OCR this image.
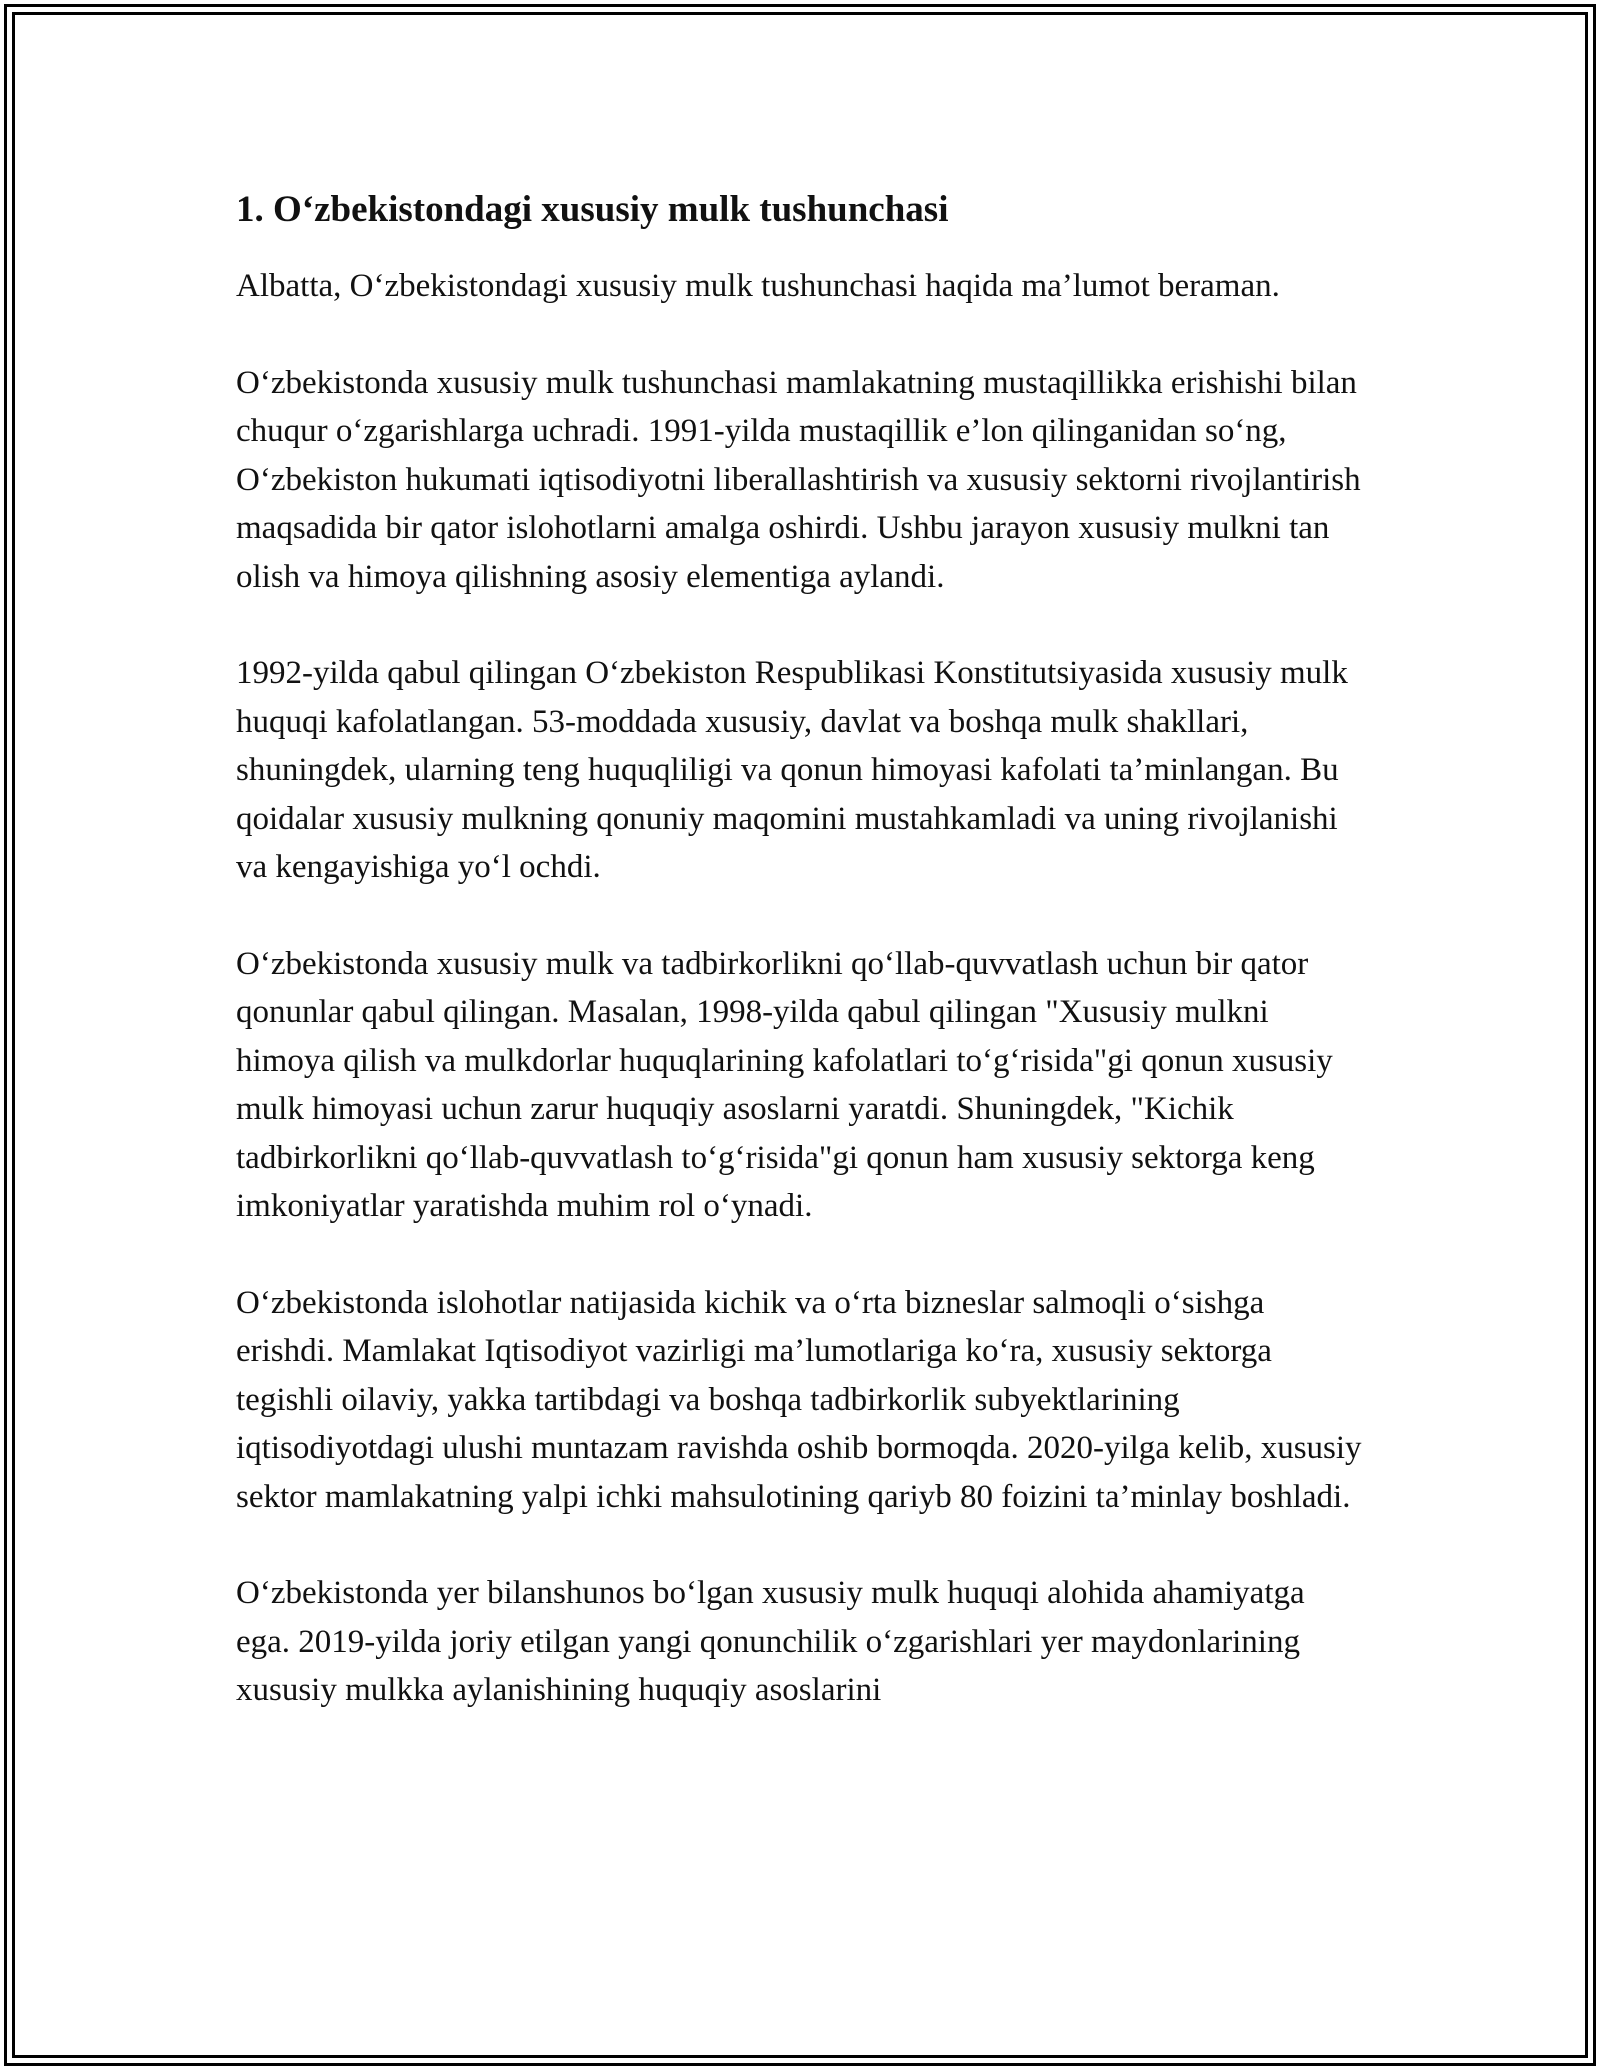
1. O‘zbekistondagi xususiy mulk tushunchasi

Albatta, O‘zbekistondagi xususiy mulk tushunchasi haqida ma’lumot beraman.

O‘zbekistonda xususiy mulk tushunchasi mamlakatning mustaqillikka erishishi bilan chuqur o‘zgarishlarga uchradi. 1991-yilda mustaqillik e’lon qilinganidan so‘ng, O‘zbekiston hukumati iqtisodiyotni liberallashtirish va xususiy sektorni rivojlantirish maqsadida bir qator islohotlarni amalga oshirdi. Ushbu jarayon xususiy mulkni tan olish va himoya qilishning asosiy elementiga aylandi.

1992-yilda qabul qilingan O‘zbekiston Respublikasi Konstitutsiyasida xususiy mulk huquqi kafolatlangan. 53-moddada xususiy, davlat va boshqa mulk shakllari, shuningdek, ularning teng huquqliligi va qonun himoyasi kafolati ta’minlangan. Bu qoidalar xususiy mulkning qonuniy maqomini mustahkamladi va uning rivojlanishi va kengayishiga yo‘l ochdi.

O‘zbekistonda xususiy mulk va tadbirkorlikni qo‘llab-quvvatlash uchun bir qator qonunlar qabul qilingan. Masalan, 1998-yilda qabul qilingan "Xususiy mulkni himoya qilish va mulkdorlar huquqlarining kafolatlari to‘g‘risida"gi qonun xususiy mulk himoyasi uchun zarur huquqiy asoslarni yaratdi. Shuningdek, "Kichik tadbirkorlikni qo‘llab-quvvatlash to‘g‘risida"gi qonun ham xususiy sektorga keng imkoniyatlar yaratishda muhim rol o‘ynadi.

O‘zbekistonda islohotlar natijasida kichik va o‘rta bizneslar salmoqli o‘sishga erishdi. Mamlakat Iqtisodiyot vazirligi ma’lumotlariga ko‘ra, xususiy sektorga tegishli oilaviy, yakka tartibdagi va boshqa tadbirkorlik subyektlarining iqtisodiyotdagi ulushi muntazam ravishda oshib bormoqda. 2020-yilga kelib, xususiy sektor mamlakatning yalpi ichki mahsulotining qariyb 80 foizini ta’minlay boshladi.

O‘zbekistonda yer bilanshunos bo‘lgan xususiy mulk huquqi alohida ahamiyatga ega. 2019-yilda joriy etilgan yangi qonunchilik o‘zgarishlari yer maydonlarining xususiy mulkka aylanishining huquqiy asoslarini
